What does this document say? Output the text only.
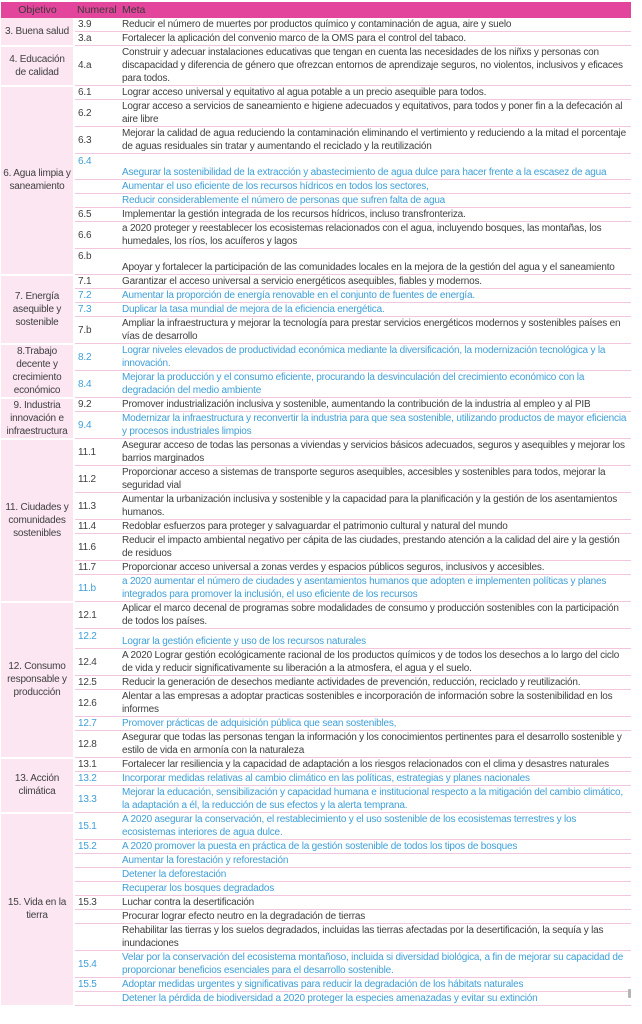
Objetivo	Numeral	Meta
3. Buena salud	3.9	Reducir el número de muertes por productos químico y contaminación de agua, aire y suelo
	3.a	Fortalecer la aplicación del convenio marco de la OMS para el control del tabaco.
4. Educación de calidad	4.a	Construir y adecuar instalaciones educativas que tengan en cuenta las necesidades de los niñxs y personas con discapacidad y diferencia de género que ofrezcan entornos de aprendizaje seguros, no violentos, inclusivos y eficaces para todos.
6. Agua limpia y saneamiento	6.1	Lograr acceso universal y equitativo al agua potable a un precio asequible para todos.
	6.2	Lograr acceso a servicios de saneamiento e higiene adecuados y equitativos, para todos y poner fin a la defecación al aire libre
	6.3	Mejorar la calidad de agua reduciendo la contaminación eliminando el vertimiento y reduciendo a la mitad el porcentaje de aguas residuales sin tratar y aumentando el reciclado y la reutilización
	6.4	Asegurar la sostenibilidad de la extracción y abastecimiento de agua dulce para hacer frente a la escasez de agua
		Aumentar el uso eficiente de los recursos hídricos en todos los sectores,
		Reducir considerablemente el número de personas que sufren falta de agua
	6.5	Implementar la gestión integrada de los recursos hídricos, incluso transfronteriza.
	6.6	a 2020 proteger y reestablecer los ecosistemas relacionados con el agua, incluyendo bosques, las montañas, los humedales, los ríos, los acuíferos y lagos
	6.b	Apoyar y fortalecer la participación de las comunidades locales en la mejora de la gestión del agua y el saneamiento
7. Energía asequible y sostenible	7.1	Garantizar el acceso universal a servicio energéticos asequibles, fiables y modernos.
	7.2	Aumentar la proporción de energía renovable en el conjunto de fuentes de energía.
	7.3	Duplicar la tasa mundial de mejora de la eficiencia energética.
	7.b	Ampliar la infraestructura y mejorar la tecnología para prestar servicios energéticos modernos y sostenibles países en vías de desarrollo
8.Trabajo decente y crecimiento económico	8.2	Lograr niveles elevados de productividad económica mediante la diversificación, la modernización tecnológica y la innovación.
	8.4	Mejorar la producción y el consumo eficiente, procurando la desvinculación del crecimiento económico con la degradación del medio ambiente
9. Industria innovación e infraestructura	9.2	Promover industrialización inclusiva y sostenible, aumentando la contribución de la industria al empleo y al PIB
	9.4	Modernizar la infraestructura y reconvertir la industria para que sea sostenible, utilizando productos de mayor eficiencia y procesos industriales limpios
11. Ciudades y comunidades sostenibles	11.1	Asegurar acceso de todas las personas a viviendas y servicios básicos adecuados, seguros y asequibles y mejorar los barrios marginados
	11.2	Proporcionar acceso a sistemas de transporte seguros asequibles, accesibles y sostenibles para todos, mejorar la seguridad vial
	11.3	Aumentar la urbanización inclusiva y sostenible y la capacidad para la planificación y la gestión de los asentamientos humanos.
	11.4	Redoblar esfuerzos para proteger y salvaguardar el patrimonio cultural y natural del mundo
	11.6	Reducir el impacto ambiental negativo per cápita de las ciudades, prestando atención a la calidad del aire y la gestión de residuos
	11.7	Proporcionar acceso universal a zonas verdes y espacios públicos seguros, inclusivos y accesibles.
	11.b	a 2020 aumentar el número de ciudades y asentamientos humanos que adopten e implementen políticas y planes integrados para promover la inclusión, el uso eficiente de los recursos
12. Consumo responsable y producción	12.1	Aplicar el marco decenal de programas sobre modalidades de consumo y producción sostenibles con la participación de todos los países.
	12.2	Lograr la gestión eficiente y uso de los recursos naturales
	12.4	A 2020 Lograr gestión ecológicamente racional de los productos químicos y de todos los desechos a lo largo del ciclo de vida y reducir significativamente su liberación a la atmosfera, el agua y el suelo.
	12.5	Reducir la generación de desechos mediante actividades de prevención, reducción, reciclado y reutilización.
	12.6	Alentar a las empresas a adoptar practicas sostenibles e incorporación de información sobre la sostenibilidad en los informes
	12.7	Promover prácticas de adquisición pública que sean sostenibles,
	12.8	Asegurar que todas las personas tengan la información y los conocimientos pertinentes para el desarrollo sostenible y estilo de vida en armonía con la naturaleza
13. Acción climática	13.1	Fortalecer lar resiliencia y la capacidad de adaptación a los riesgos relacionados con el clima y desastres naturales
	13.2	Incorporar medidas relativas al cambio climático en las políticas, estrategias y planes nacionales
	13.3	Mejorar la educación, sensibilización y capacidad humana e institucional respecto a la mitigación del cambio climático, la adaptación a él, la reducción de sus efectos y la alerta temprana.
15. Vida en la tierra	15.1	A 2020 asegurar la conservación, el restablecimiento y el uso sostenible de los ecosistemas terrestres y los ecosistemas interiores de agua dulce.
	15.2	A 2020 promover la puesta en práctica de la gestión sostenible de todos los tipos de bosques
		Aumentar la forestación y reforestación
		Detener la deforestación
		Recuperar los bosques degradados
	15.3	Luchar contra la desertificación
		Procurar lograr efecto neutro en la degradación de tierras
		Rehabilitar las tierras y los suelos degradados, incluidas las tierras afectadas por la desertificación, la sequía y las inundaciones
	15.4	Velar por la conservación del ecosistema montañoso, incluida si diversidad biológica, a fin de mejorar su capacidad de proporcionar beneficios esenciales para el desarrollo sostenible.
	15.5	Adoptar medidas urgentes y significativas para reducir la degradación de los hábitats naturales
		Detener la pérdida de biodiversidad a 2020 proteger la especies amenazadas y evitar su extinción
